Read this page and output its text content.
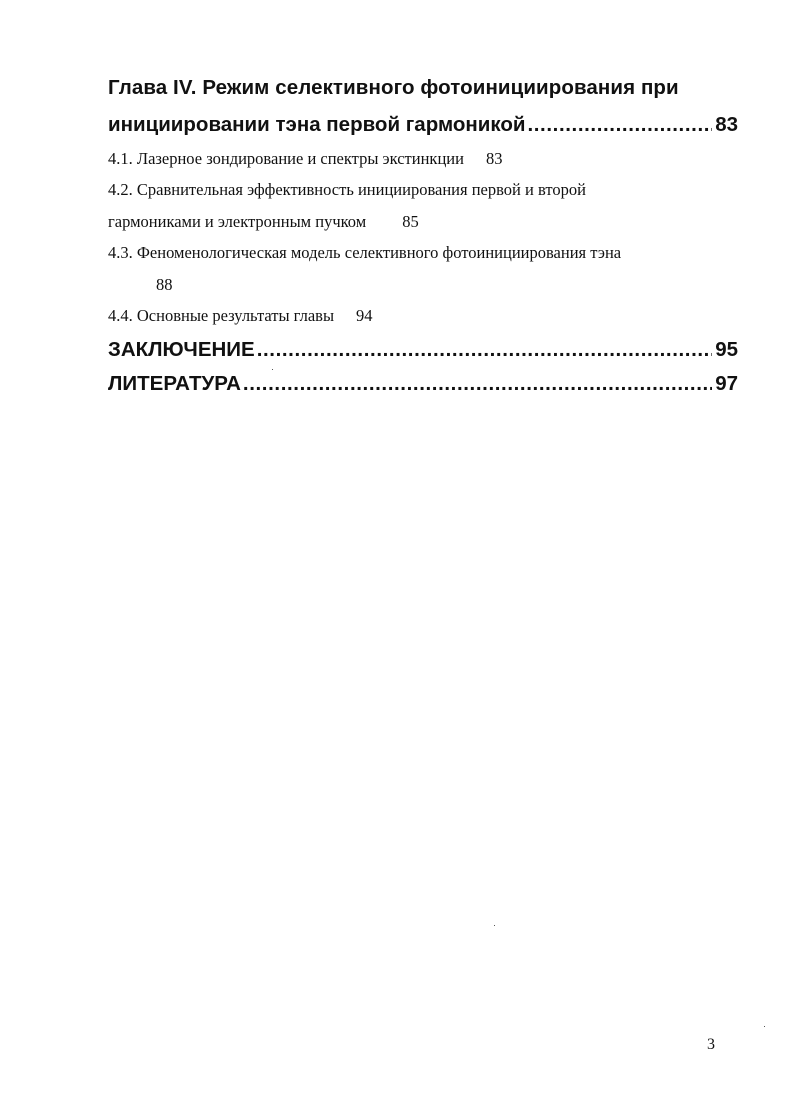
Глава IV. Режим селективного фотоинициирования при
инициировании тэна первой гармоникой .....	83
4.1. Лазерное зондирование и спектры экстинкции 83
4.2. Сравнительная эффективность инициирования первой и второй
гармониками и электронным пучком 85
4.3. Феноменологическая модель селективного фотоинициирования тэна
88
4.4. Основные результаты главы 94
ЗАКЛЮЧЕНИЕ .....	95
ЛИТЕРАТУРА .....	97
3
